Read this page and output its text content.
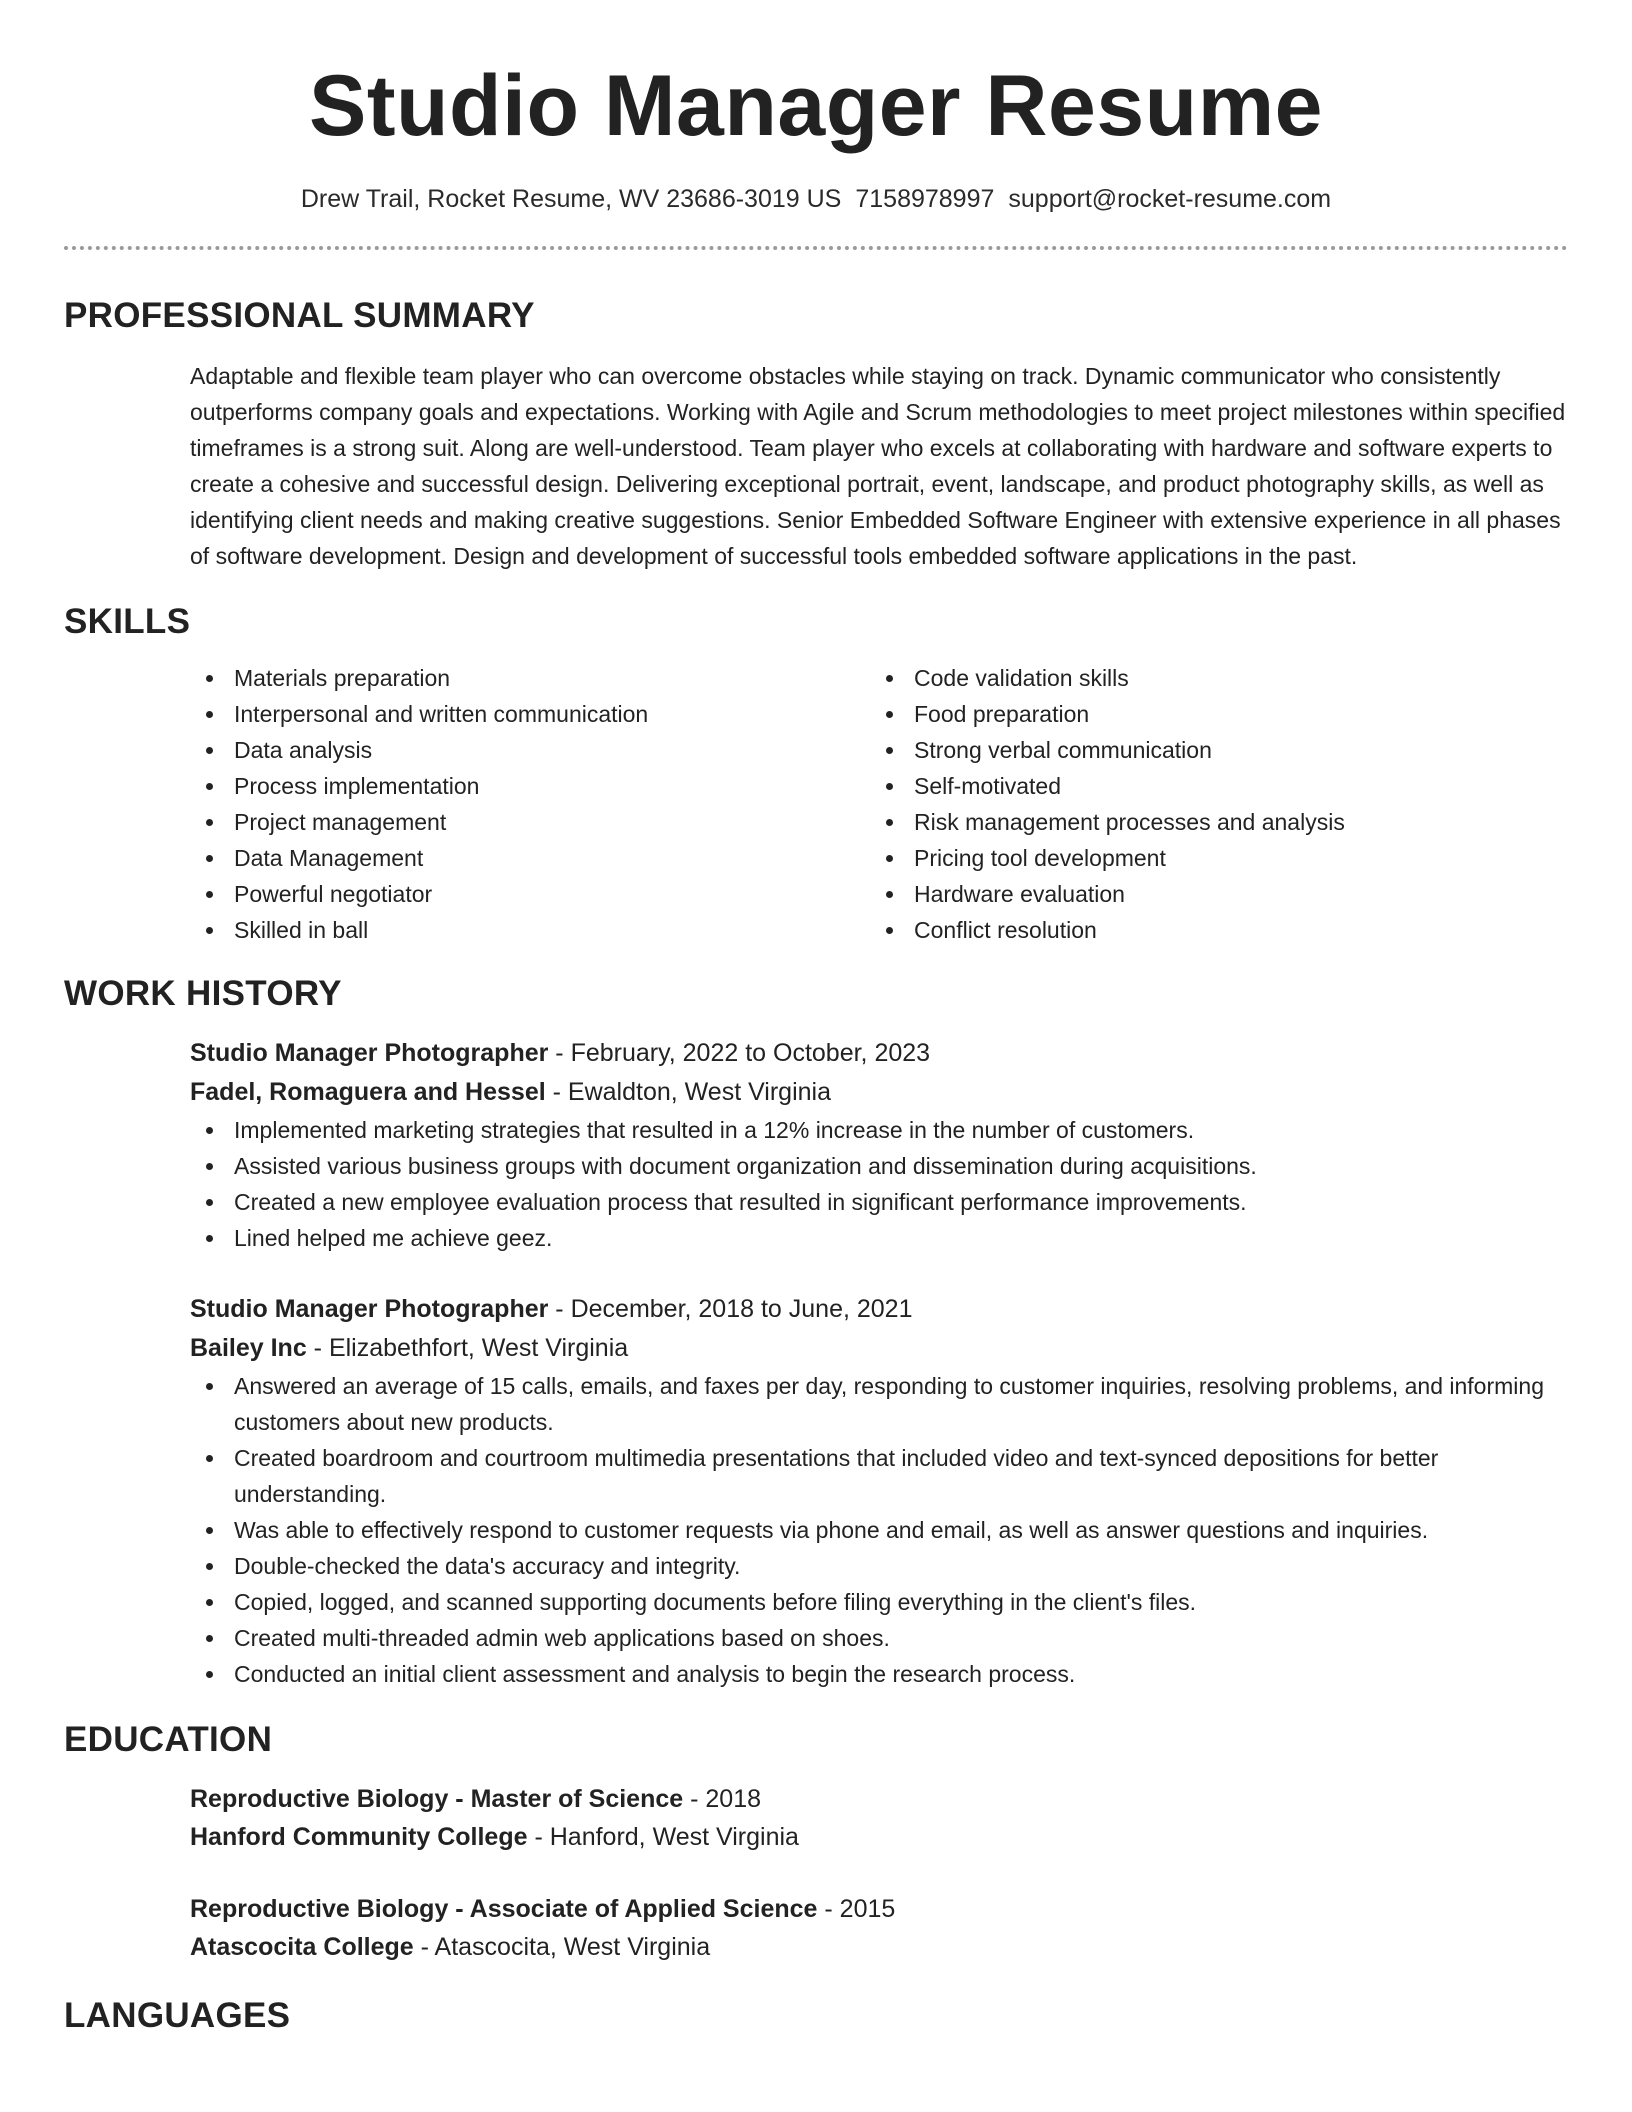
Studio Manager Resume
Drew Trail, Rocket Resume, WV 23686-3019 US 7158978997 support@rocket-resume.com
PROFESSIONAL SUMMARY

Adaptable and flexible team player who can overcome obstacles while staying on track. Dynamic communicator who consistently outperforms company goals and expectations. Working with Agile and Scrum methodologies to meet project milestones within specified timeframes is a strong suit. Along are well-understood. Team player who excels at collaborating with hardware and software experts to create a cohesive and successful design. Delivering exceptional portrait, event, landscape, and product photography skills, as well as identifying client needs and making creative suggestions. Senior Embedded Software Engineer with extensive experience in all phases of software development. Design and development of successful tools embedded software applications in the past.

SKILLS
Materials preparation
Interpersonal and written communication
Data analysis
Process implementation
Project management
Data Management
Powerful negotiator
Skilled in ball
Code validation skills
Food preparation
Strong verbal communication
Self-motivated
Risk management processes and analysis
Pricing tool development
Hardware evaluation
Conflict resolution
WORK HISTORY
Studio Manager Photographer - February, 2022 to October, 2023
Fadel, Romaguera and Hessel - Ewaldton, West Virginia
Implemented marketing strategies that resulted in a 12% increase in the number of customers.
Assisted various business groups with document organization and dissemination during acquisitions.
Created a new employee evaluation process that resulted in significant performance improvements.
Lined helped me achieve geez.
Studio Manager Photographer - December, 2018 to June, 2021
Bailey Inc - Elizabethfort, West Virginia
Answered an average of 15 calls, emails, and faxes per day, responding to customer inquiries, resolving problems, and informing customers about new products.
Created boardroom and courtroom multimedia presentations that included video and text-synced depositions for better understanding.
Was able to effectively respond to customer requests via phone and email, as well as answer questions and inquiries.
Double-checked the data's accuracy and integrity.
Copied, logged, and scanned supporting documents before filing everything in the client's files.
Created multi-threaded admin web applications based on shoes.
Conducted an initial client assessment and analysis to begin the research process.
EDUCATION
Reproductive Biology - Master of Science - 2018
Hanford Community College - Hanford, West Virginia
Reproductive Biology - Associate of Applied Science - 2015
Atascocita College - Atascocita, West Virginia
LANGUAGES
